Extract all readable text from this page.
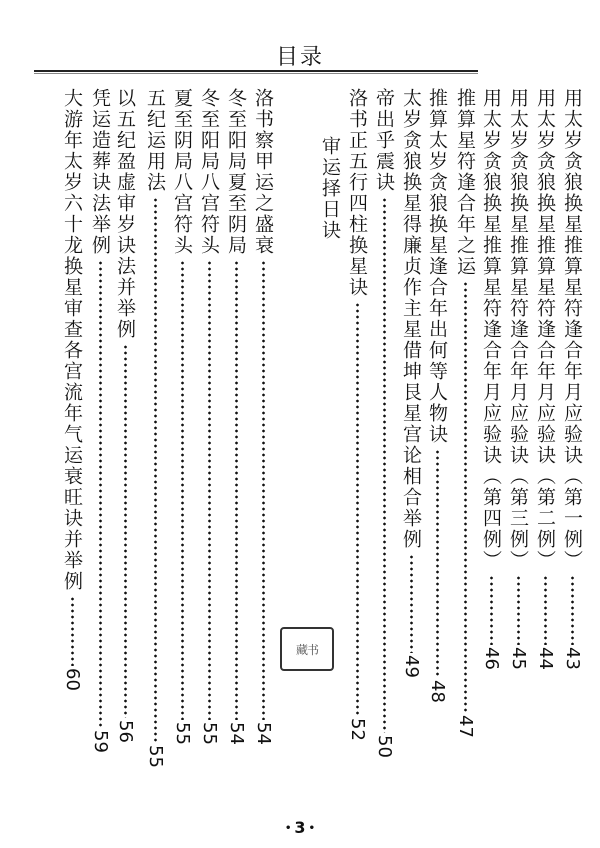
目录
用太岁贪狼换星推算星符逢合年月应验诀（第一例）
43
用太岁贪狼换星推算星符逢合年月应验诀（第二例）
44
用太岁贪狼换星推算星符逢合年月应验诀（第三例）
45
用太岁贪狼换星推算星符逢合年月应验诀（第四例）
46
推算星符逢合年之运
47
推算太岁贪狼换星逢合年出何等人物诀
48
太岁贪狼换星得廉贞作主星借坤艮星宫论相合举例
49
帝出乎震诀
50
洛书正五行四柱换星诀
52
审运择日诀
洛书察甲运之盛衰
54
冬至阳局夏至阴局
54
冬至阳局八宫符头
55
夏至阴局八宫符头
55
五纪运用法
55
以五纪盈虚审岁诀法并举例
56
凭运造葬诀法举例
59
大游年太岁六十龙换星审查各宫流年气运衰旺诀并举例
60
藏书
• 3 •
